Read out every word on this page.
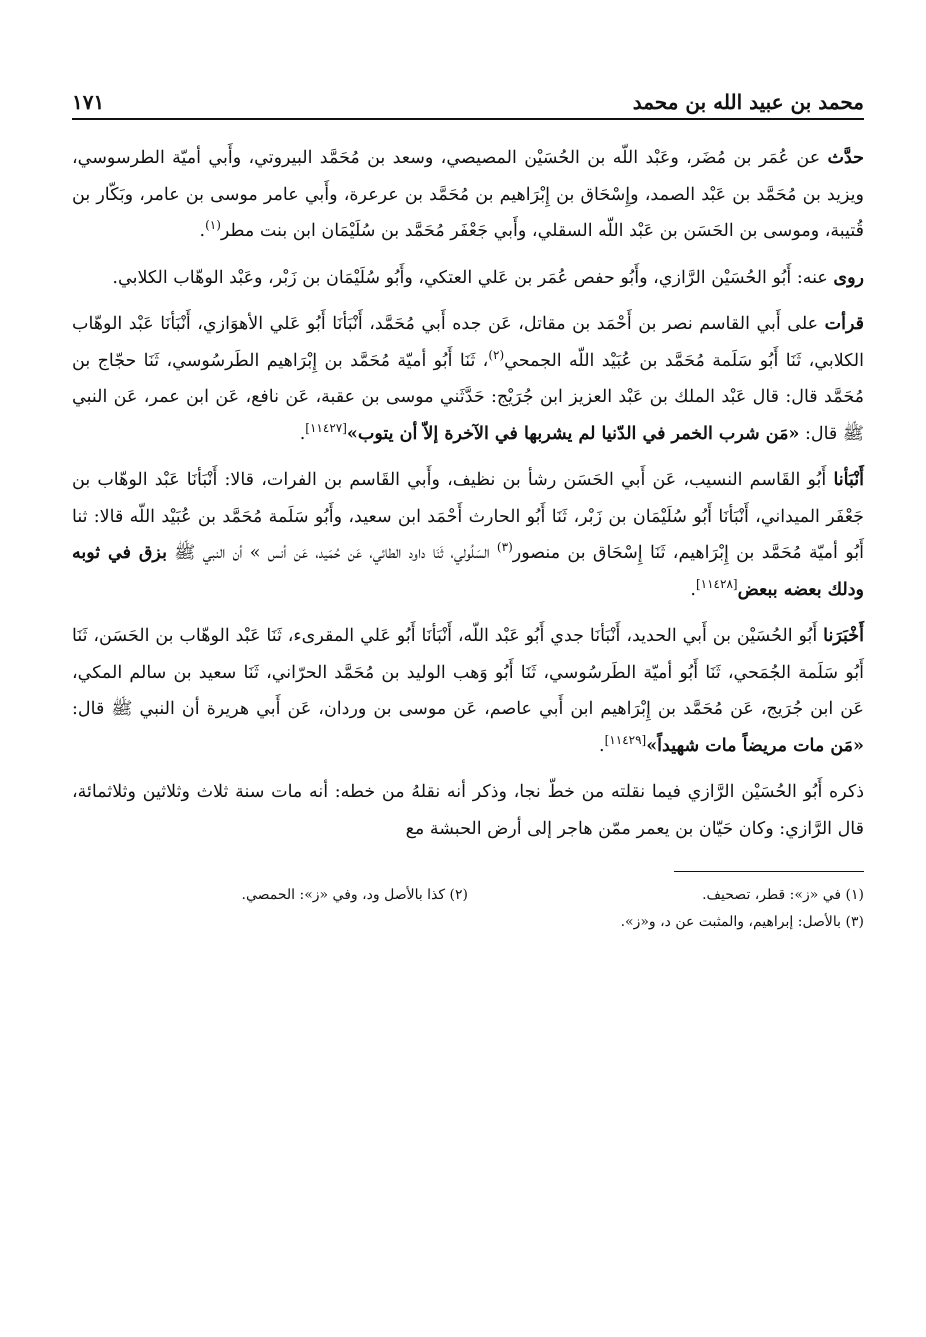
محمد بن عبيد الله بن محمد
١٧١

حدَّث عن عُمَر بن مُضَر، وعَبْد اللّه بن الحُسَيْن المصيصي، وسعد بن مُحَمَّد البيروتي، وأَبي أميّة الطرسوسي، ويزيد بن مُحَمَّد بن عَبْد الصمد، وإِسْحَاق بن إِبْرَاهيم بن مُحَمَّد بن عرعرة، وأَبي عامر موسى بن عامر، وبَكّار بن قُتيبة، وموسى بن الحَسَن بن عَبْد اللّه السقلي، وأَبي جَعْفَر مُحَمَّد بن سُلَيْمَان ابن بنت مطر$^{(١)}$.

روى عنه: أَبُو الحُسَيْن الرَّازي، وأَبُو حفص عُمَر بن عَلي العتكي، وأَبُو سُلَيْمَان بن زَبْر، وعَبْد الوهّاب الكلابي.

قرأت على أَبي القاسم نصر بن أَحْمَد بن مقاتل، عَن جده أَبي مُحَمَّد، أَنْبَأنَا أَبُو عَلي الأهوَازي، أَنْبَأنَا عَبْد الوهّاب الكلابي، ثَنَا أَبُو سَلَمة مُحَمَّد بن عُبَيْد اللّه الجمحي$^{(٢)}$، ثَنَا أَبُو أميّة مُحَمَّد بن إِبْرَاهيم الطَرسُوسي، ثَنَا حجّاج بن مُحَمَّد قال: قال عَبْد الملك بن عَبْد العزيز ابن جُرَيْج: حَدَّثَني موسى بن عقبة، عَن نافع، عَن ابن عمر، عَن النبي ﷺ قال: «مَن شرب الخمر في الدّنيا لم يشربها في الآخرة إلاّ أن يتوب»[١١٤٢٧].

أَنْبَأنا أَبُو القَاسم النسيب، عَن أَبي الحَسَن رشأ بن نظيف، وأَبي القَاسم بن الفرات، قالا: أَنْبَأنَا عَبْد الوهّاب بن جَعْفَر الميداني، أَنْبَأنَا أَبُو سُلَيْمَان بن زَبْر، ثَنَا أَبُو الحارث أَحْمَد ابن سعيد، وأَبُو سَلَمة مُحَمَّد بن عُبَيْد اللّه قالا: ثنا أَبُو أميّة مُحَمَّد بن إِبْرَاهيم، ثَنَا إِسْحَاق بن منصور$^{(٣)}$ السَلُولي، ثَنَا داود الطائي، عَن حُمَيد، عَن أنس » أن النبي ﷺ بزق في ثوبه ودلك بعضه ببعض[١١٤٢٨].

أَخْبَرَنا أَبُو الحُسَيْن بن أَبي الحديد، أَنْبَأنَا جدي أَبُو عَبْد اللّه، أَنْبَأنَا أَبُو عَلي المقرىء، ثَنَا عَبْد الوهّاب بن الحَسَن، ثَنَا أَبُو سَلَمة الجُمَحي، ثَنَا أَبُو أميّة الطَرسُوسي، ثَنَا أَبُو وَهب الوليد بن مُحَمَّد الحرّاني، ثَنَا سعيد بن سالم المكي، عَن ابن جُرَيج، عَن مُحَمَّد بن إِبْرَاهيم ابن أَبي عاصم، عَن موسى بن وردان، عَن أَبي هريرة أن النبي ﷺ قال: «مَن مات مريضاً مات شهيداً»[١١٤٢٩].

ذكره أَبُو الحُسَيْن الرَّازي فيما نقلته من خطّ نجا، وذكر أنه نقلهُ من خطه: أنه مات سنة ثلاث وثلاثين وثلاثمائة، قال الرَّازي: وكان حَيّان بن يعمر ممّن هاجر إلى أرض الحبشة مع

(١) في «ز»: قطر، تصحيف.
(٢) كذا بالأصل ود، وفي «ز»: الحمصي.
(٣) بالأصل: إبراهيم، والمثبت عن د، و«ز».
